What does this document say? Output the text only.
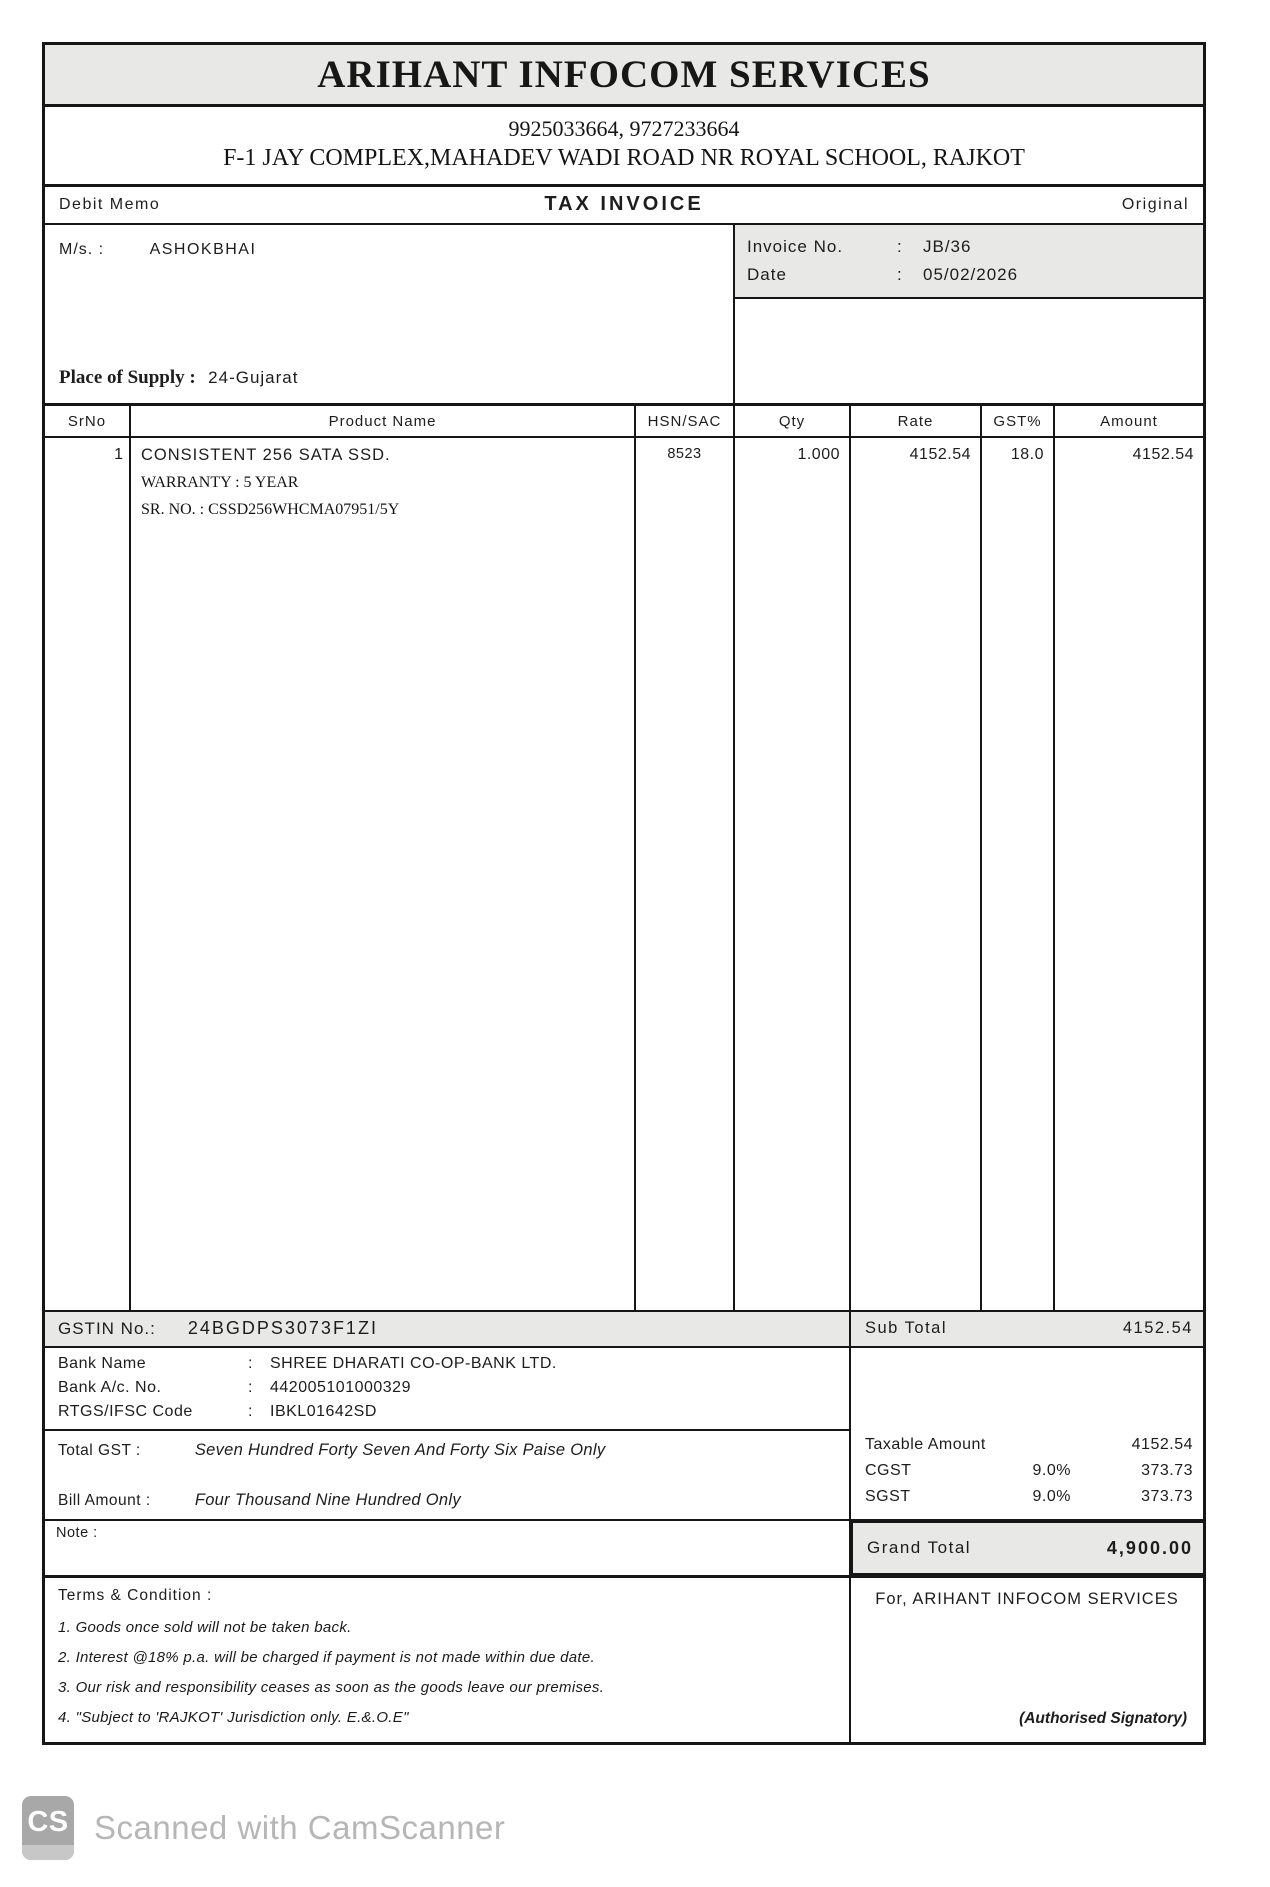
ARIHANT INFOCOM SERVICES
9925033664, 9727233664
F-1 JAY COMPLEX,MAHADEV WADI ROAD NR ROYAL SCHOOL, RAJKOT
Debit Memo	TAX INVOICE	Original
M/s. :	ASHOKBHAI
Place of Supply : 24-Gujarat
Invoice No.	:	JB/36
Date	:	05/02/2026
SrNo	Product Name	HSN/SAC	Qty	Rate	GST%	Amount
1	CONSISTENT 256 SATA SSD.
WARRANTY : 5 YEAR
SR. NO. : CSSD256WHCMA07951/5Y
8523	1.000	4152.54	18.0	4152.54
GSTIN No.: 24BGDPS3073F1ZI	Sub Total	4152.54
Bank Name	:	SHREE DHARATI CO-OP-BANK LTD.
Bank A/c. No.	:	442005101000329
RTGS/IFSC Code	:	IBKL01642SD
Total GST :	Seven Hundred Forty Seven And Forty Six Paise Only
Bill Amount :	Four Thousand Nine Hundred Only
Taxable Amount	4152.54
CGST	9.0%	373.73
SGST	9.0%	373.73
Note :
Grand Total	4,900.00
Terms & Condition :
1. Goods once sold will not be taken back.
2. Interest @18% p.a. will be charged if payment is not made within due date.
3. Our risk and responsibility ceases as soon as the goods leave our premises.
4. "Subject to 'RAJKOT' Jurisdiction only. E.&.O.E"
For, ARIHANT INFOCOM SERVICES
(Authorised Signatory)
CS Scanned with CamScanner
